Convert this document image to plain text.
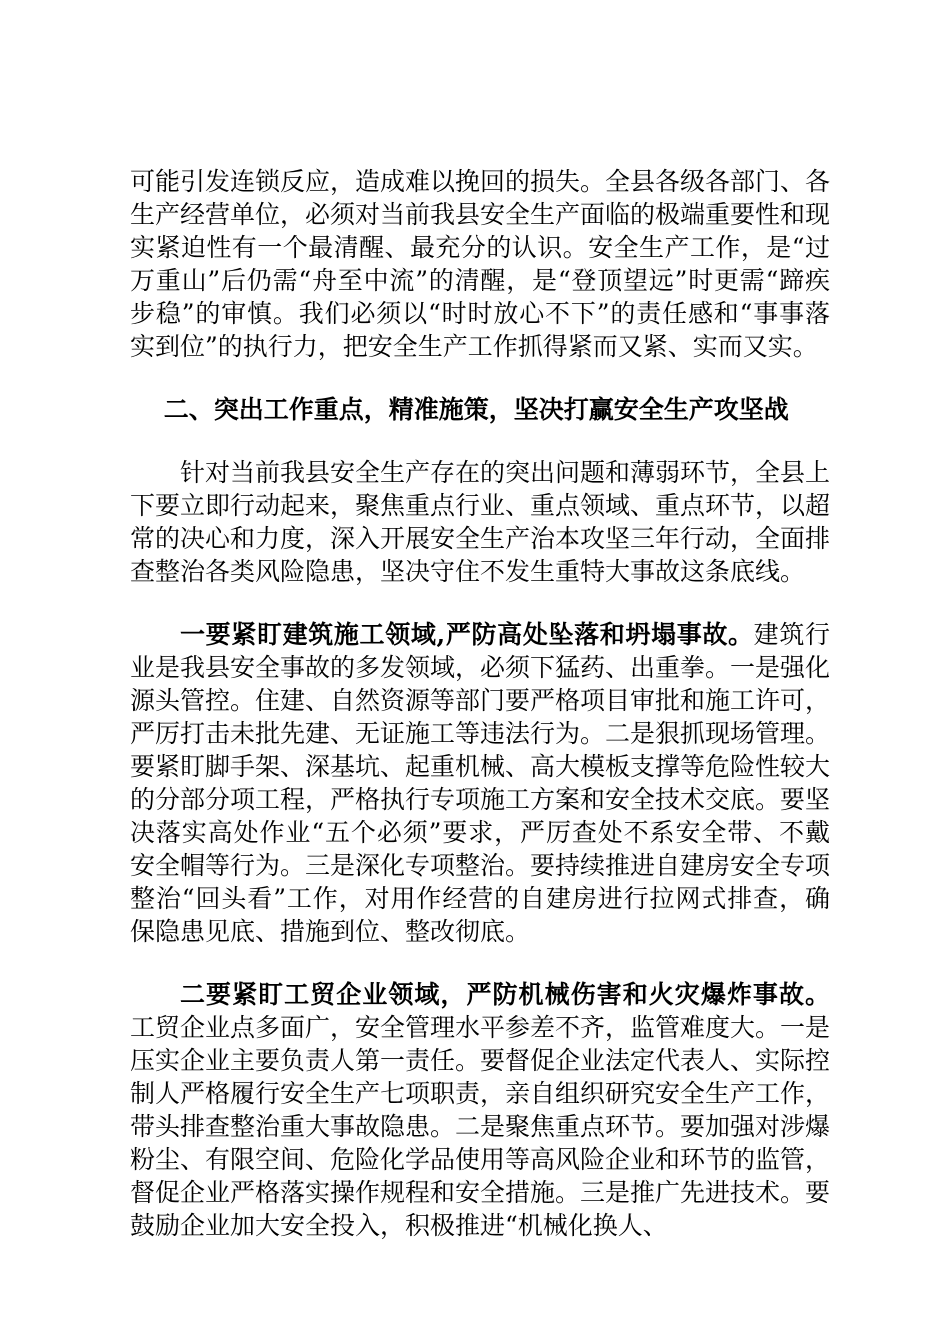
可能引发连锁反应，造成难以挽回的损失。全县各级各部门、各生产经营单位，必须对当前我县安全生产面临的极端重要性和现实紧迫性有一个最清醒、最充分的认识。安全生产工作，是“过万重山”后仍需“舟至中流”的清醒，是“登顶望远”时更需“蹄疾步稳”的审慎。我们必须以“时时放心不下”的责任感和“事事落实到位”的执行力，把安全生产工作抓得紧而又紧、实而又实。

二、突出工作重点，精准施策，坚决打赢安全生产攻坚战

针对当前我县安全生产存在的突出问题和薄弱环节，全县上下要立即行动起来，聚焦重点行业、重点领域、重点环节，以超常的决心和力度，深入开展安全生产治本攻坚三年行动，全面排查整治各类风险隐患，坚决守住不发生重特大事故这条底线。

一要紧盯建筑施工领域,严防高处坠落和坍塌事故。建筑行业是我县安全事故的多发领域，必须下猛药、出重拳。一是强化源头管控。住建、自然资源等部门要严格项目审批和施工许可，严厉打击未批先建、无证施工等违法行为。二是狠抓现场管理。要紧盯脚手架、深基坑、起重机械、高大模板支撑等危险性较大的分部分项工程，严格执行专项施工方案和安全技术交底。要坚决落实高处作业“五个必须”要求，严厉查处不系安全带、不戴安全帽等行为。三是深化专项整治。要持续推进自建房安全专项整治“回头看”工作，对用作经营的自建房进行拉网式排查，确保隐患见底、措施到位、整改彻底。

二要紧盯工贸企业领域，严防机械伤害和火灾爆炸事故。工贸企业点多面广，安全管理水平参差不齐，监管难度大。一是压实企业主要负责人第一责任。要督促企业法定代表人、实际控制人严格履行安全生产七项职责，亲自组织研究安全生产工作，带头排查整治重大事故隐患。二是聚焦重点环节。要加强对涉爆粉尘、有限空间、危险化学品使用等高风险企业和环节的监管，督促企业严格落实操作规程和安全措施。三是推广先进技术。要鼓励企业加大安全投入，积极推进“机械化换人、
